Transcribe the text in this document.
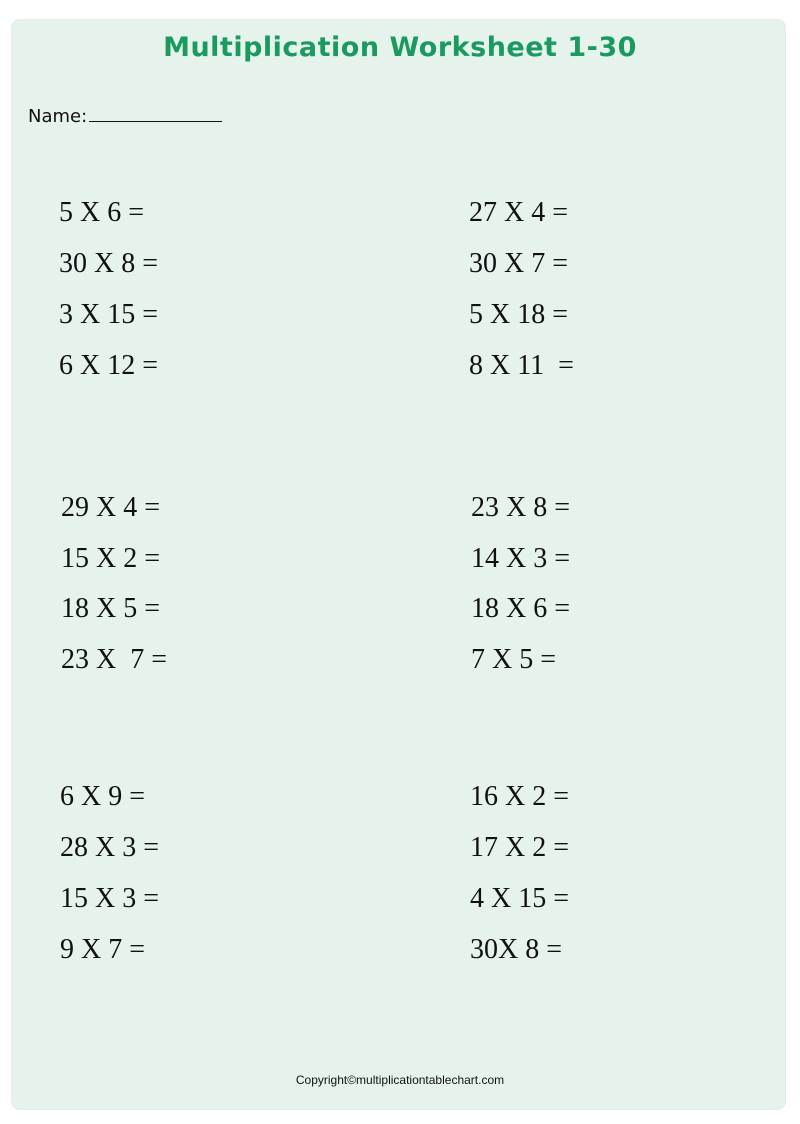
Multiplication Worksheet 1-30
Name:
5 X 6 =
30 X 8 =
3 X 15 =
6 X 12 =
27 X 4 =
30 X 7 =
5 X 18 =
8 X 11  =
29 X 4 =
15 X 2 =
18 X 5 =
23 X  7 =
23 X 8 =
14 X 3 =
18 X 6 =
7 X 5 =
6 X 9 =
28 X 3 =
15 X 3 =
9 X 7 =
16 X 2 =
17 X 2 =
4 X 15 =
30X 8 =
Copyright©multiplicationtablechart.com
